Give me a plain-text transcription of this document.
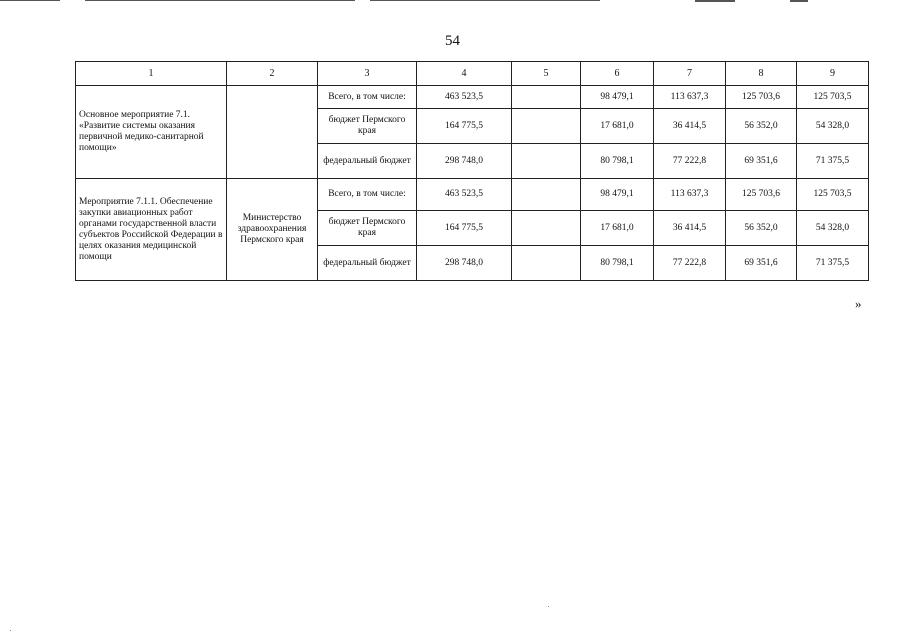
54
1	2	3	4	5	6	7	8	9
Основное мероприятие 7.1. «Развитие системы оказания первичной медико-санитарной помощи»		Всего, в том числе:	463 523,5		98 479,1	113 637,3	125 703,6	125 703,5
		бюджет Пермского края	164 775,5		17 681,0	36 414,5	56 352,0	54 328,0
		федеральный бюджет	298 748,0		80 798,1	77 222,8	69 351,6	71 375,5
Мероприятие 7.1.1. Обеспечение закупки авиационных работ органами государственной власти субъектов Российской Федерации в целях оказания медицинской помощи	Министерство здравоохранения Пермского края	Всего, в том числе:	463 523,5		98 479,1	113 637,3	125 703,6	125 703,5
		бюджет Пермского края	164 775,5		17 681,0	36 414,5	56 352,0	54 328,0
		федеральный бюджет	298 748,0		80 798,1	77 222,8	69 351,6	71 375,5
»
